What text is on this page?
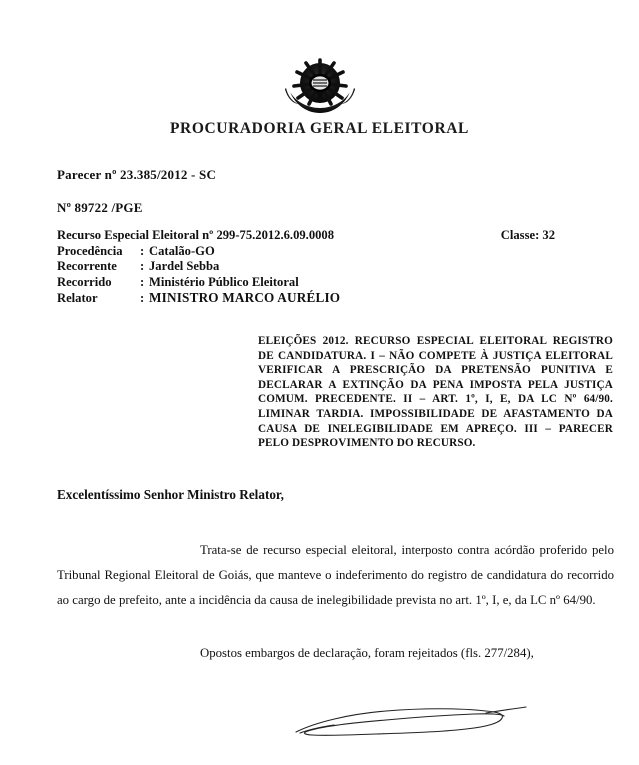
PROCURADORIA GERAL ELEITORAL
Parecer nº 23.385/2012 - SC
Nº 89722 /PGE
Recurso Especial Eleitoral nº 299-75.2012.6.09.0008	Classe: 32
Procedência	: Catalão-GO
Recorrente	: Jardel Sebba
Recorrido	: Ministério Público Eleitoral
Relator	: MINISTRO MARCO AURÉLIO
ELEIÇÕES 2012. RECURSO ESPECIAL ELEITORAL REGISTRO DE CANDIDATURA. I – NÃO COMPETE À JUSTIÇA ELEITORAL VERIFICAR A PRESCRIÇÃO DA PRETENSÃO PUNITIVA E DECLARAR A EXTINÇÃO DA PENA IMPOSTA PELA JUSTIÇA COMUM. PRECEDENTE. II – ART. 1º, I, E, DA LC Nº 64/90. LIMINAR TARDIA. IMPOSSIBILIDADE DE AFASTAMENTO DA CAUSA DE INELEGIBILIDADE EM APREÇO. III – PARECER PELO DESPROVIMENTO DO RECURSO.
Excelentíssimo Senhor Ministro Relator,
Trata-se de recurso especial eleitoral, interposto contra acórdão proferido pelo Tribunal Regional Eleitoral de Goiás, que manteve o indeferimento do registro de candidatura do recorrido ao cargo de prefeito, ante a incidência da causa de inelegibilidade prevista no art. 1º, I, e, da LC nº 64/90.
Opostos embargos de declaração, foram rejeitados (fls. 277/284),
